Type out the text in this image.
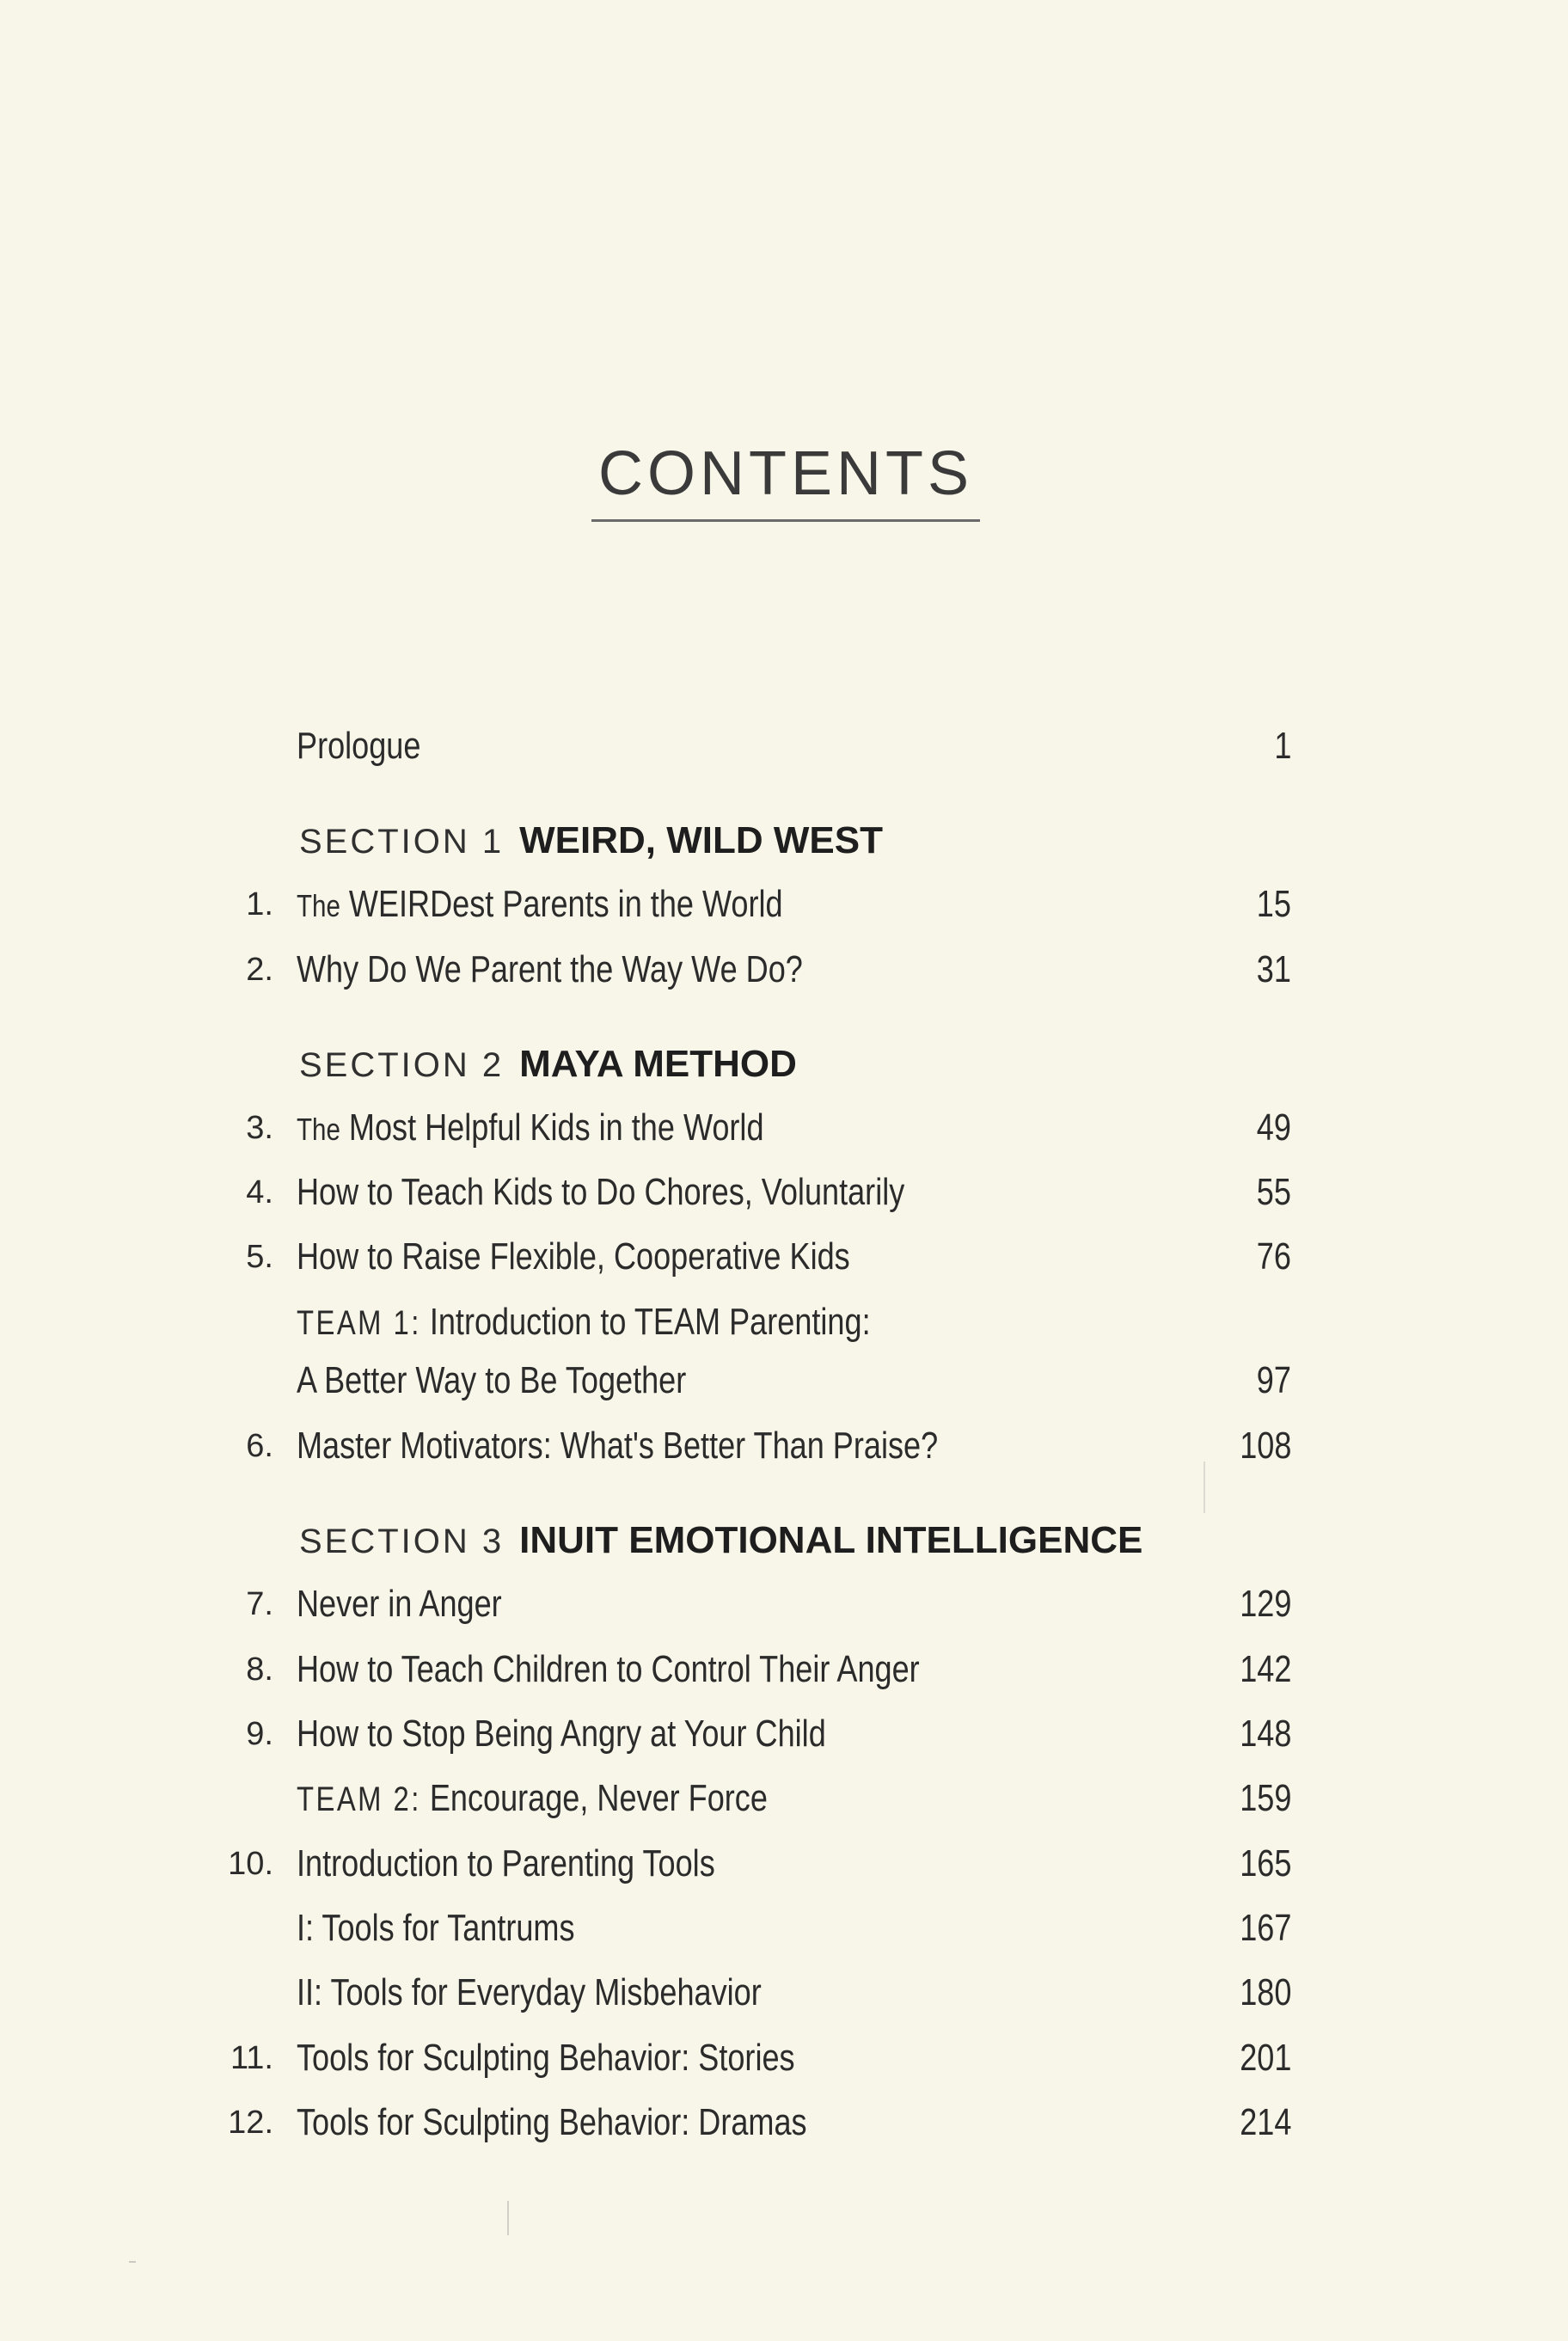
CONTENTS
Prologue	1
SECTION 1 WEIRD, WILD WEST
1. The WEIRDest Parents in the World	15
2. Why Do We Parent the Way We Do?	31
SECTION 2 MAYA METHOD
3. The Most Helpful Kids in the World	49
4. How to Teach Kids to Do Chores, Voluntarily	55
5. How to Raise Flexible, Cooperative Kids	76
TEAM 1: Introduction to TEAM Parenting:
A Better Way to Be Together	97
6. Master Motivators: What's Better Than Praise?	108
SECTION 3 INUIT EMOTIONAL INTELLIGENCE
7. Never in Anger	129
8. How to Teach Children to Control Their Anger	142
9. How to Stop Being Angry at Your Child	148
TEAM 2: Encourage, Never Force	159
10. Introduction to Parenting Tools	165
I: Tools for Tantrums	167
II: Tools for Everyday Misbehavior	180
11. Tools for Sculpting Behavior: Stories	201
12. Tools for Sculpting Behavior: Dramas	214
